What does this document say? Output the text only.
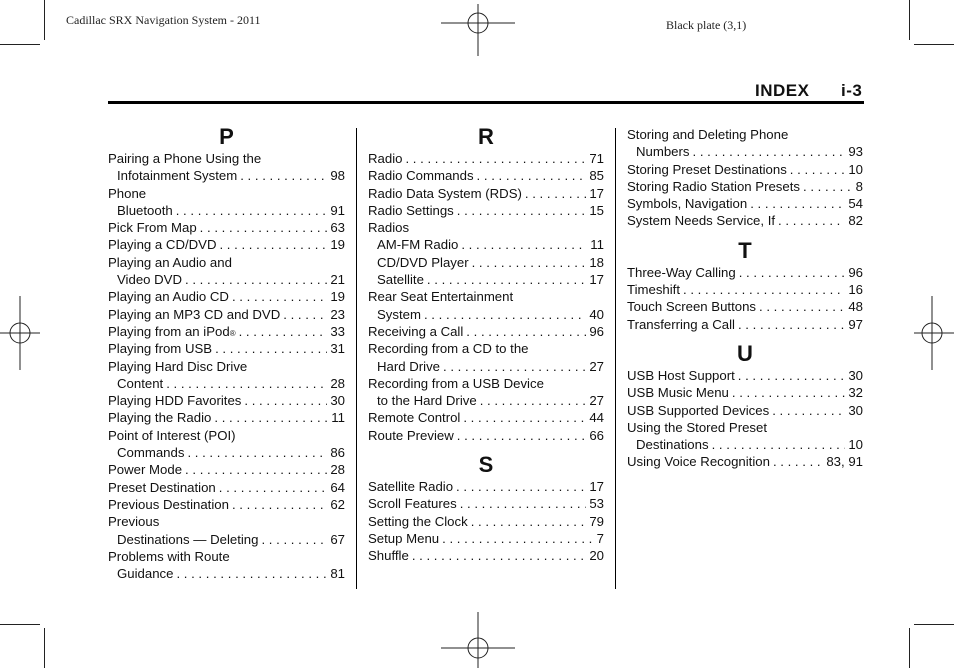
Cadillac SRX Navigation System - 2011	Black plate (3,1)
INDEX i-3
P
Pairing a Phone Using the
Infotainment System . . .	98
Phone
Bluetooth . . .	91
Pick From Map . . .	63
Playing a CD/DVD . . .	19
Playing an Audio and
Video DVD . . .	21
Playing an Audio CD . . .	19
Playing an MP3 CD and DVD . . .	23
Playing from an iPod ® . . .	33
Playing from USB . . .	31
Playing Hard Disc Drive
Content . . .	28
Playing HDD Favorites . . .	30
Playing the Radio . . .	11
Point of Interest (POI)
Commands . . .	86
Power Mode . . .	28
Preset Destination . . .	64
Previous Destination . . .	62
Previous
Destinations — Deleting . . .	67
Problems with Route
Guidance . . .	81
R
Radio . . .	71
Radio Commands . . .	85
Radio Data System (RDS) . . .	17
Radio Settings . . .	15
Radios
AM-FM Radio . . .	11
CD/DVD Player . . .	18
Satellite . . .	17
Rear Seat Entertainment
System . . .	40
Receiving a Call . . .	96
Recording from a CD to the
Hard Drive . . .	27
Recording from a USB Device
to the Hard Drive . . .	27
Remote Control . . .	44
Route Preview . . .	66
S
Satellite Radio . . .	17
Scroll Features . . .	53
Setting the Clock . . .	79
Setup Menu . . .	7
Shuffle . . .	20
Storing and Deleting Phone
Numbers . . .	93
Storing Preset Destinations . . .	10
Storing Radio Station Presets . . .	8
Symbols, Navigation . . .	54
System Needs Service, If . . .	82
T
Three-Way Calling . . .	96
Timeshift . . .	16
Touch Screen Buttons . . .	48
Transferring a Call . . .	97
U
USB Host Support . . .	30
USB Music Menu . . .	32
USB Supported Devices . . .	30
Using the Stored Preset
Destinations . . .	10
Using Voice Recognition . . .	83, 91
